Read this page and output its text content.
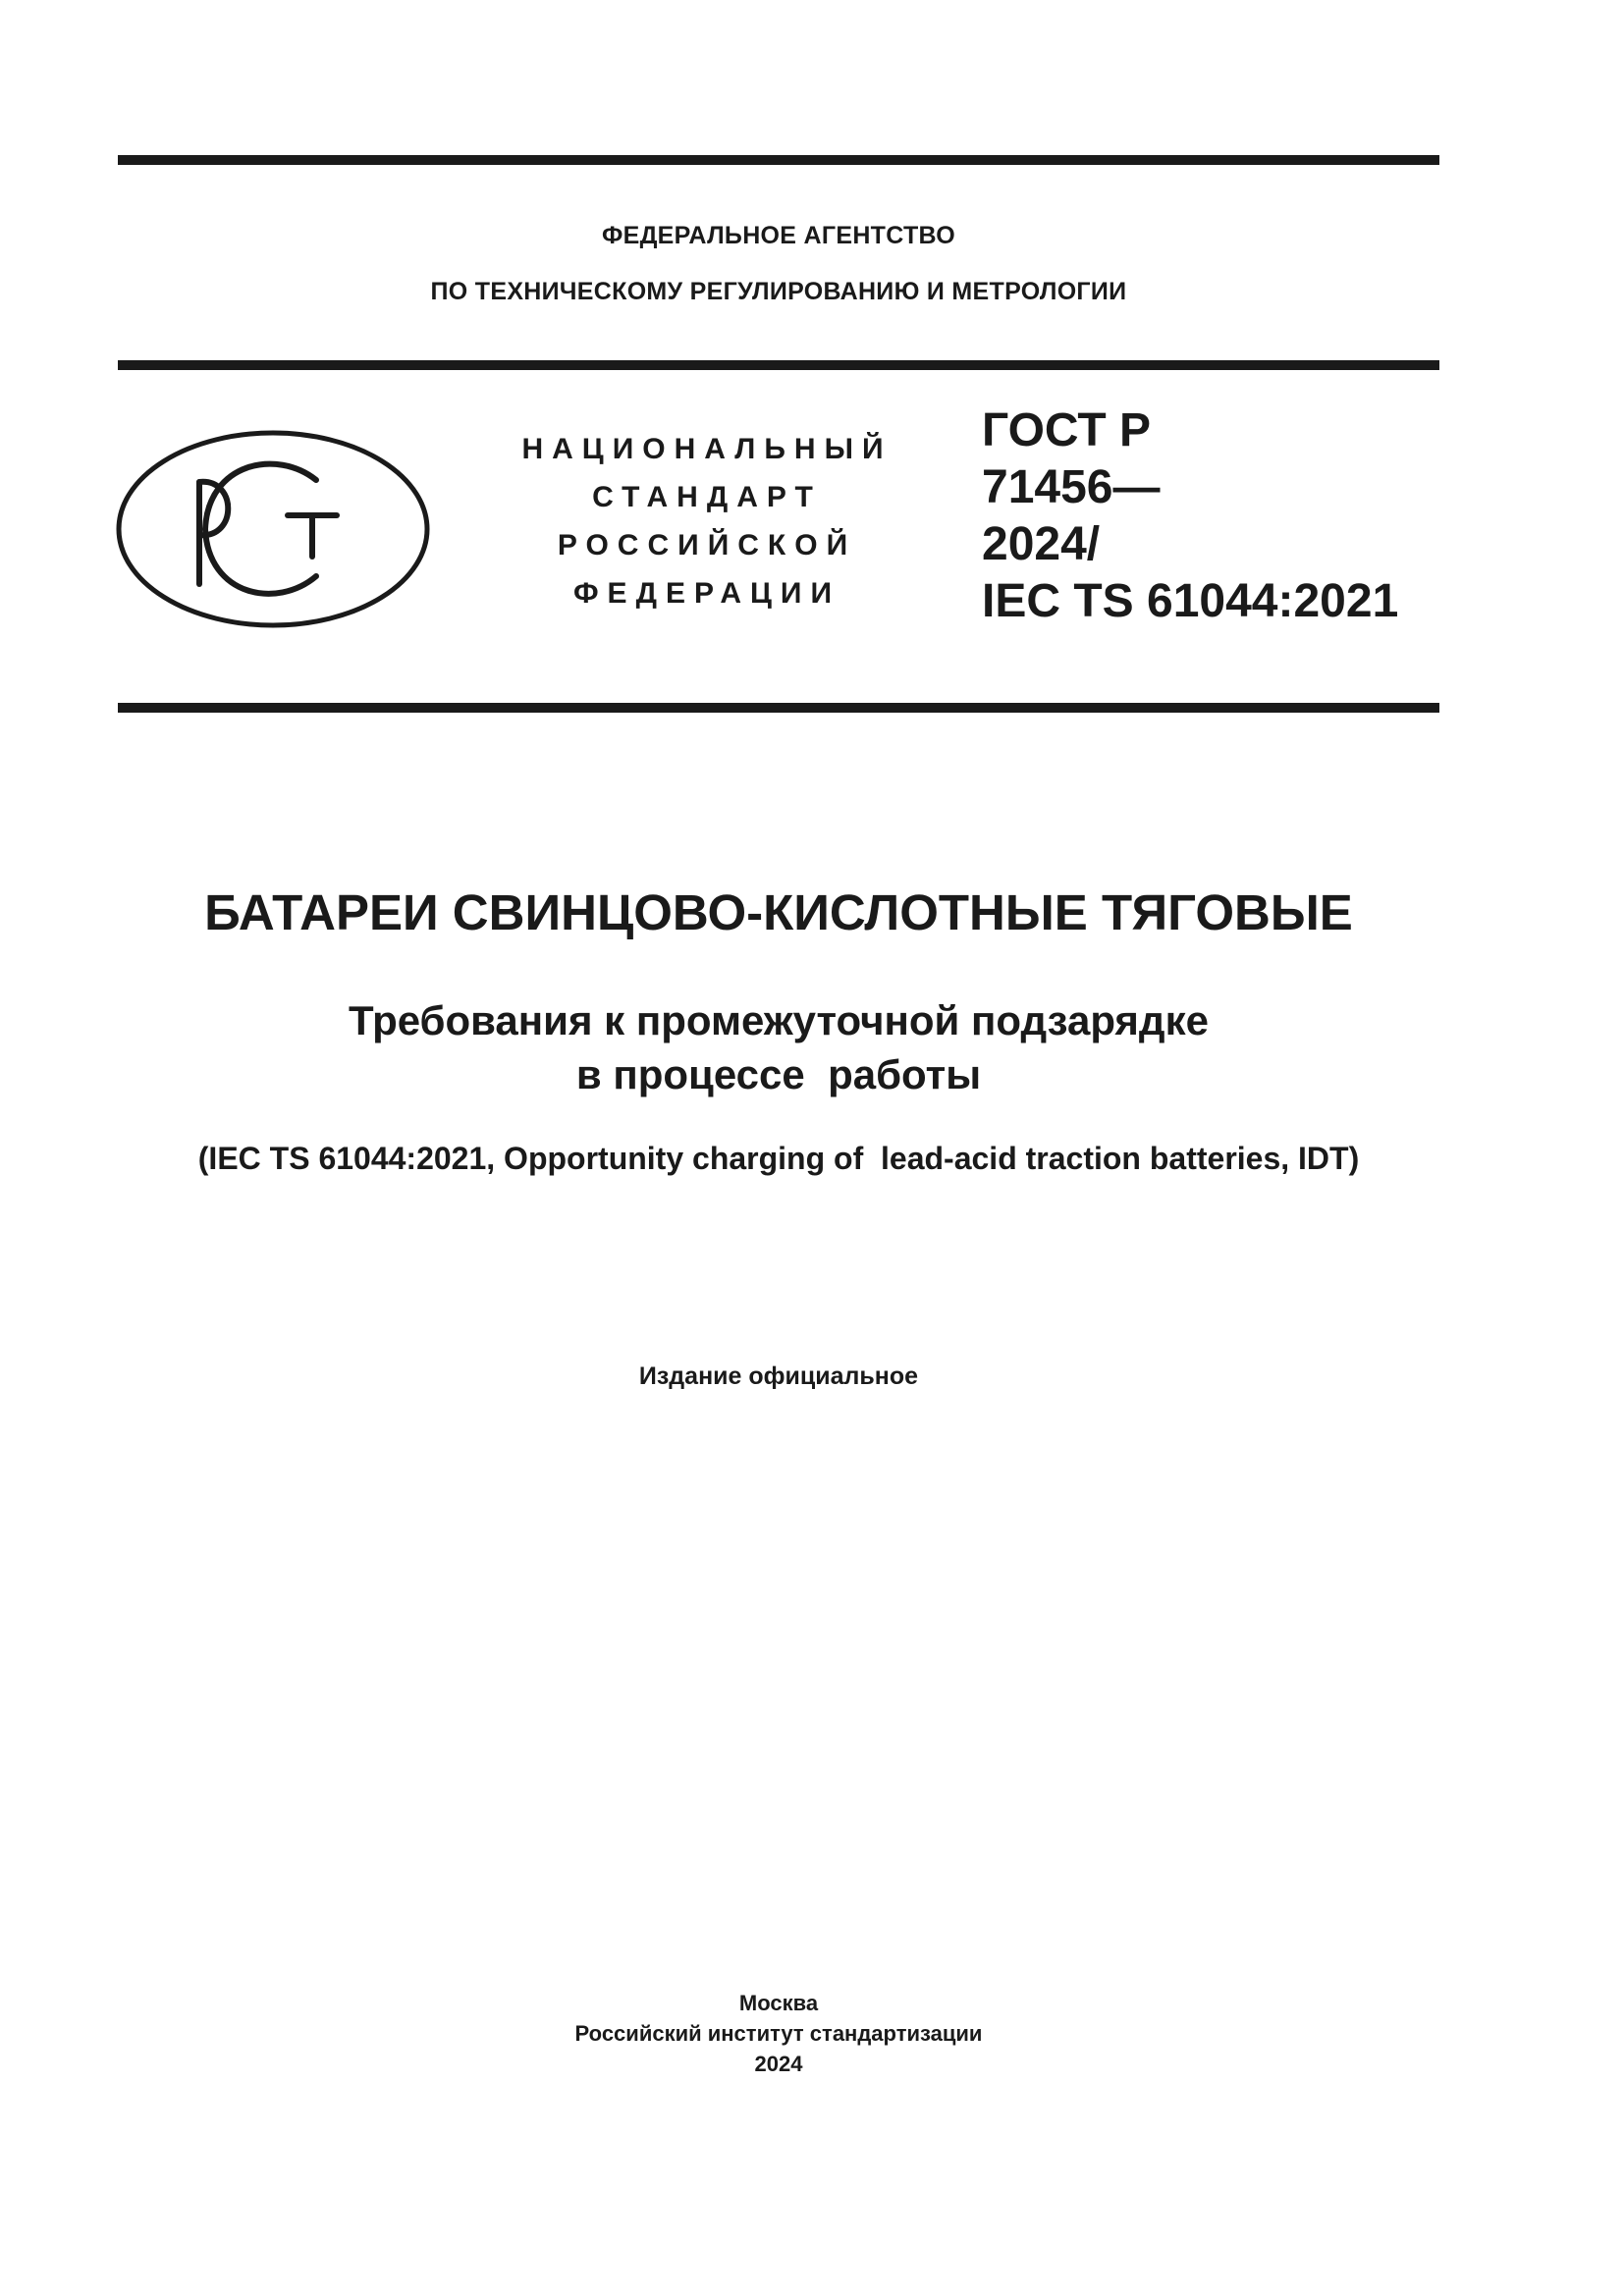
ФЕДЕРАЛЬНОЕ АГЕНТСТВО
ПО ТЕХНИЧЕСКОМУ РЕГУЛИРОВАНИЮ И МЕТРОЛОГИИ
НАЦИОНАЛЬНЫЙ
СТАНДАРТ
РОССИЙСКОЙ
ФЕДЕРАЦИИ
ГОСТ Р
71456—
2024/
IEC TS 61044:2021
БАТАРЕИ СВИНЦОВО-КИСЛОТНЫЕ ТЯГОВЫЕ
Требования к промежуточной подзарядке
в процессе  работы
(IEC TS 61044:2021, Opportunity charging of  lead-acid traction batteries, IDT)
Издание официальное
Москва
Российский институт стандартизации
2024
